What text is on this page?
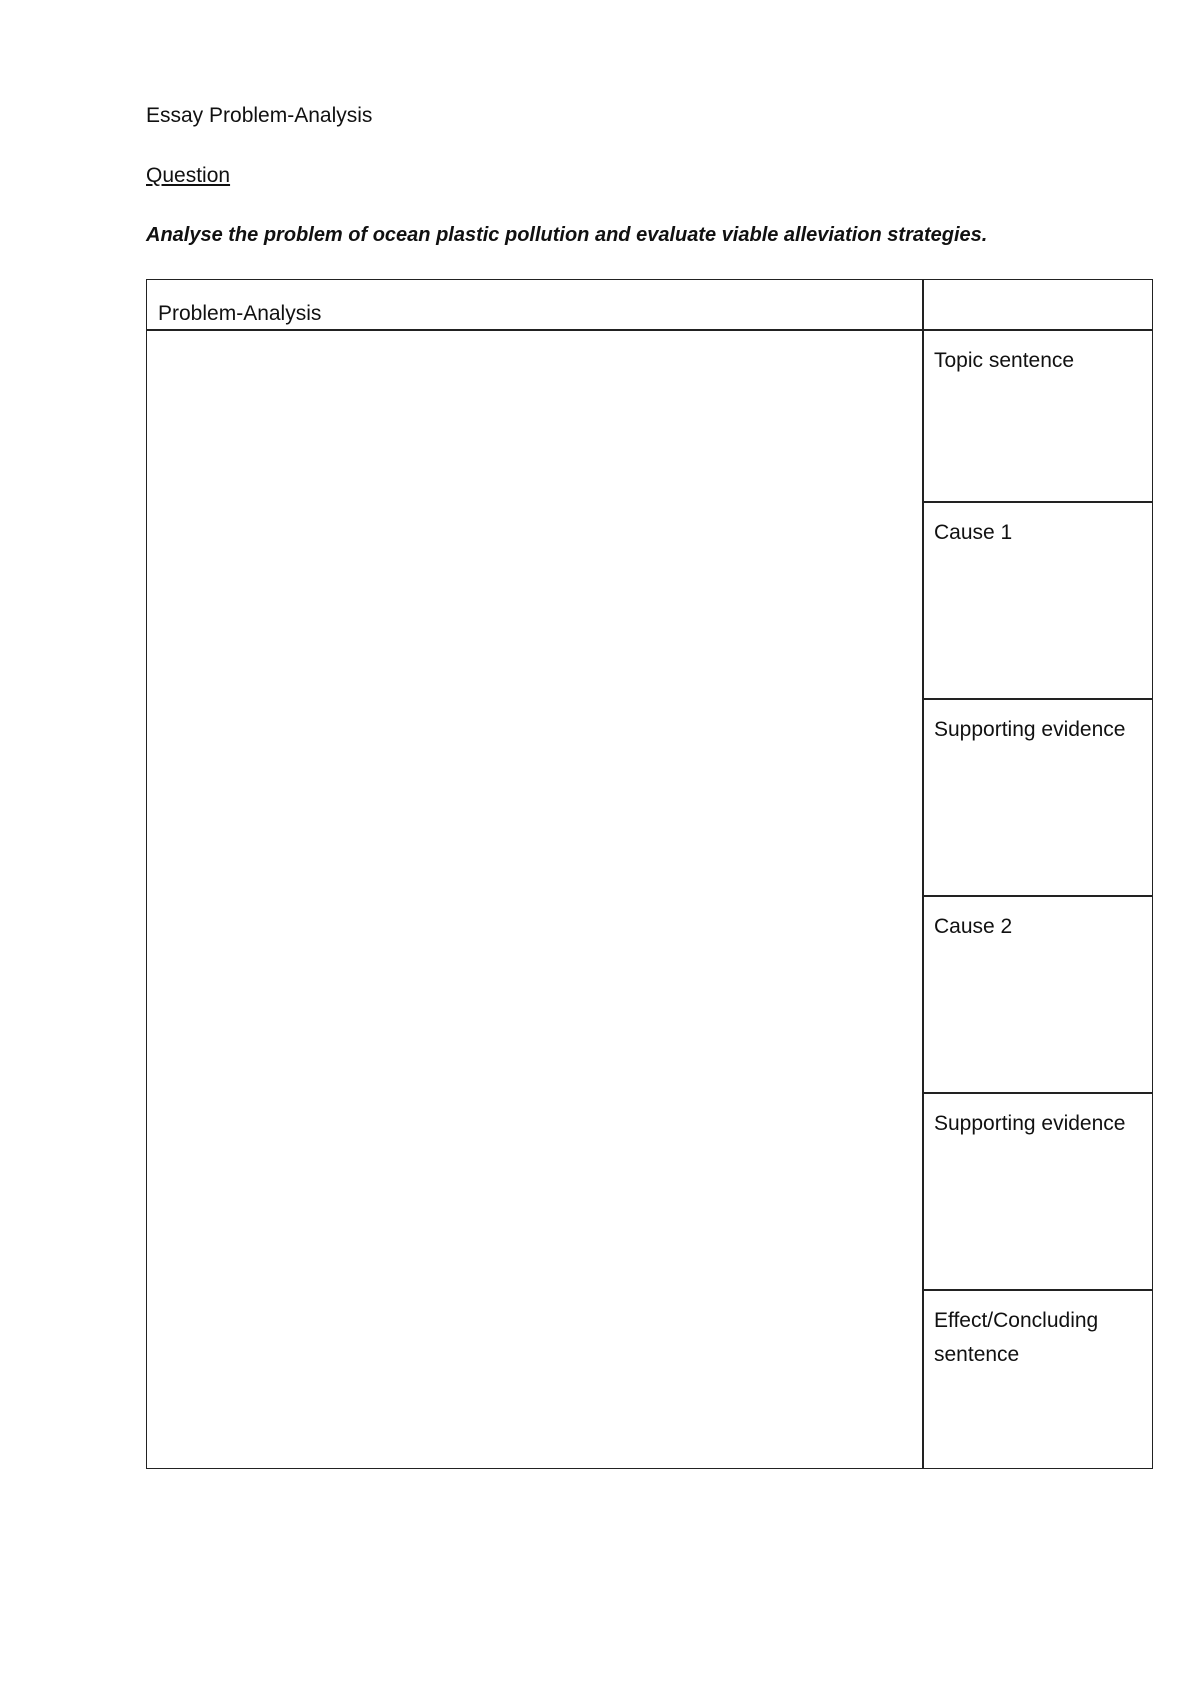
Essay Problem-Analysis
Question
Analyse the problem of ocean plastic pollution and evaluate viable alleviation strategies.
Problem-Analysis
Topic sentence
Cause 1
Supporting evidence
Cause 2
Supporting evidence
Effect/Concluding sentence
